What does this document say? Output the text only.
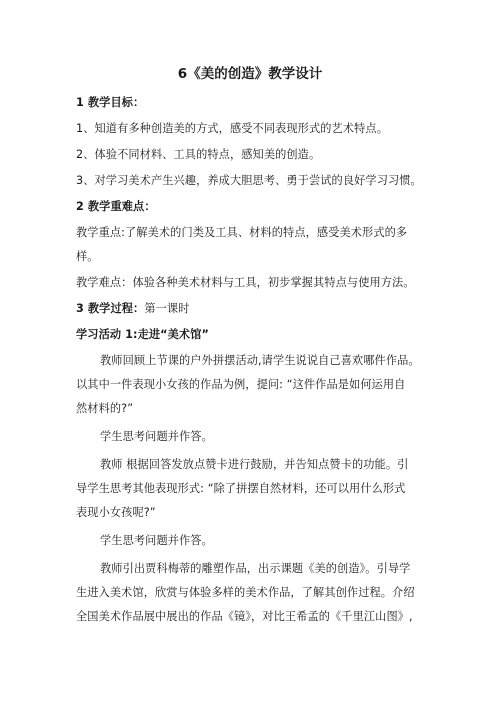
6《美的创造》教学设计
1 教学目标：
1、知道有多种创造美的方式，感受不同表现形式的艺术特点。
2、体验不同材料、工具的特点，感知美的创造。
3、对学习美术产生兴趣，养成大胆思考、勇于尝试的良好学习习惯。
2 教学重难点：
教学重点:了解美术的门类及工具、材料的特点，感受美术形式的多
样。
教学难点：体验各种美术材料与工具，初步掌握其特点与使用方法。
3 教学过程：第一课时
学习活动 1:走进“美术馆”
教师回顾上节课的户外拼摆活动,请学生说说自己喜欢哪件作品。
以其中一件表现小女孩的作品为例，提问: “这件作品是如何运用自
然材料的?”
学生思考问题并作答。
教师 根据回答发放点赞卡进行鼓励，并告知点赞卡的功能。引
导学生思考其他表现形式: “除了拼摆自然材料，还可以用什么形式
表现小女孩呢?”
学生思考问题并作答。
教师引出贾科梅蒂的雕塑作品，出示课题《美的创造》。引导学
生进入美术馆，欣赏与体验多样的美术作品，了解其创作过程。介绍
全国美术作品展中展出的作品《镜》，对比王希孟的《千里江山图》,
